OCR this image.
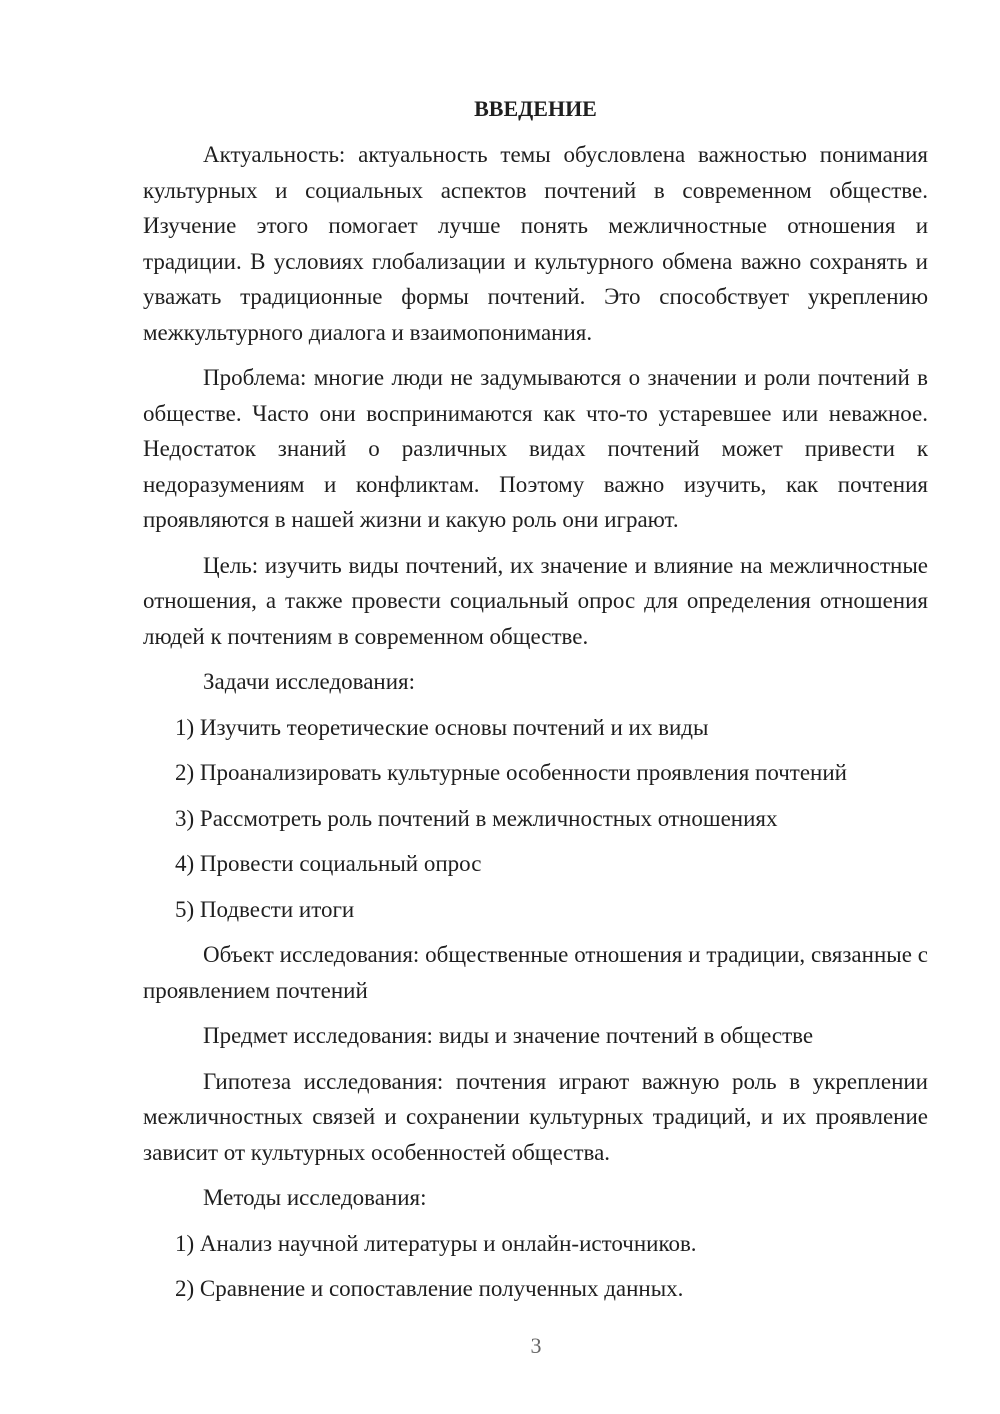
ВВЕДЕНИЕ

Актуальность: актуальность темы обусловлена важностью понимания культурных и социальных аспектов почтений в современном обществе. Изучение этого помогает лучше понять межличностные отношения и традиции. В условиях глобализации и культурного обмена важно сохранять и уважать традиционные формы почтений. Это способствует укреплению межкультурного диалога и взаимопонимания.

Проблема: многие люди не задумываются о значении и роли почтений в обществе. Часто они воспринимаются как что-то устаревшее или неважное. Недостаток знаний о различных видах почтений может привести к недоразумениям и конфликтам. Поэтому важно изучить, как почтения проявляются в нашей жизни и какую роль они играют.

Цель: изучить виды почтений, их значение и влияние на межличностные отношения, а также провести социальный опрос для определения отношения людей к почтениям в современном обществе.

Задачи исследования:
1) Изучить теоретические основы почтений и их виды
2) Проанализировать культурные особенности проявления почтений
3) Рассмотреть роль почтений в межличностных отношениях
4) Провести социальный опрос
5) Подвести итоги

Объект исследования: общественные отношения и традиции, связанные с проявлением почтений

Предмет исследования: виды и значение почтений в обществе

Гипотеза исследования: почтения играют важную роль в укреплении межличностных связей и сохранении культурных традиций, и их проявление зависит от культурных особенностей общества.

Методы исследования:
1) Анализ научной литературы и онлайн-источников.
2) Сравнение и сопоставление полученных данных.
3
